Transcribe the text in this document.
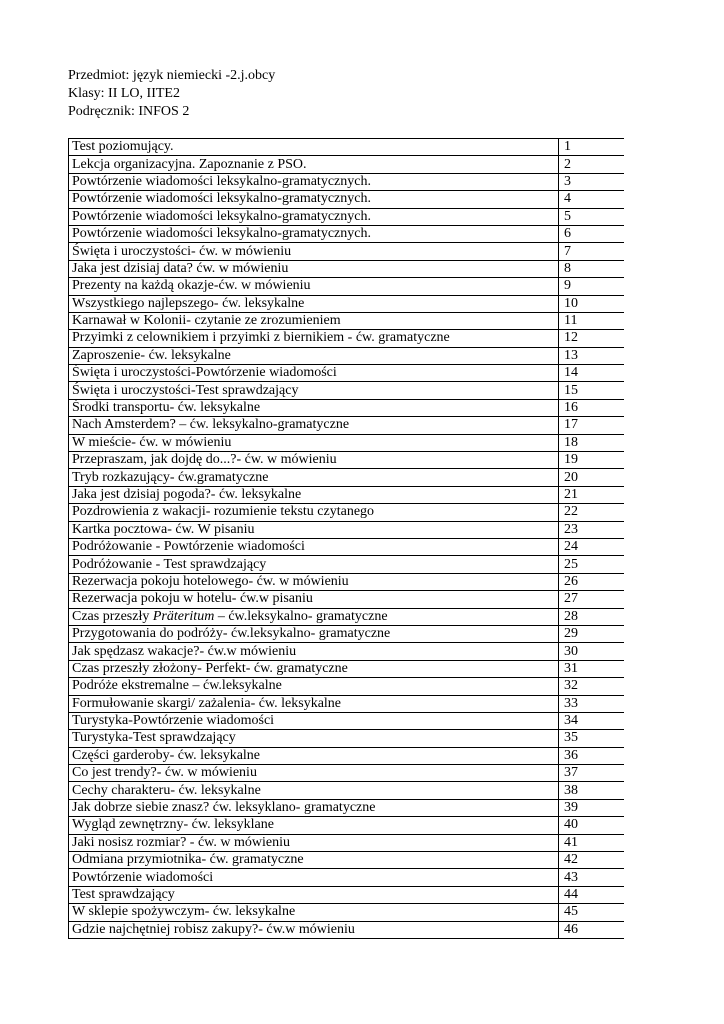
Przedmiot: język niemiecki -2.j.obcy
Klasy: II LO, IITE2
Podręcznik: INFOS 2
Test poziomujący.	1
Lekcja organizacyjna. Zapoznanie z PSO.	2
Powtórzenie wiadomości leksykalno-gramatycznych.	3
Powtórzenie wiadomości leksykalno-gramatycznych.	4
Powtórzenie wiadomości leksykalno-gramatycznych.	5
Powtórzenie wiadomości leksykalno-gramatycznych.	6
Święta i uroczystości- ćw. w mówieniu	7
Jaka jest dzisiaj data? ćw. w mówieniu	8
Prezenty na każdą okazje-ćw. w mówieniu	9
Wszystkiego najlepszego- ćw. leksykalne	10
Karnawał w Kolonii- czytanie ze zrozumieniem	11
Przyimki z celownikiem i przyimki z biernikiem - ćw. gramatyczne	12
Zaproszenie- ćw. leksykalne	13
Święta i uroczystości-Powtórzenie wiadomości	14
Święta i uroczystości-Test sprawdzający	15
Środki transportu- ćw. leksykalne	16
Nach Amsterdem? – ćw. leksykalno-gramatyczne	17
W mieście- ćw. w mówieniu	18
Przepraszam, jak dojdę do...?- ćw. w mówieniu	19
Tryb rozkazujący- ćw.gramatyczne	20
Jaka jest dzisiaj pogoda?- ćw. leksykalne	21
Pozdrowienia z wakacji- rozumienie tekstu czytanego	22
Kartka pocztowa- ćw. W pisaniu	23
Podróżowanie - Powtórzenie wiadomości	24
Podróżowanie - Test sprawdzający	25
Rezerwacja pokoju hotelowego- ćw. w mówieniu	26
Rezerwacja pokoju w hotelu- ćw.w pisaniu	27
Czas przeszły Präteritum – ćw.leksykalno- gramatyczne	28
Przygotowania do podróży- ćw.leksykalno- gramatyczne	29
Jak spędzasz wakacje?- ćw.w mówieniu	30
Czas przeszły złożony- Perfekt- ćw. gramatyczne	31
Podróże ekstremalne – ćw.leksykalne	32
Formułowanie skargi/ zażalenia- ćw. leksykalne	33
Turystyka-Powtórzenie wiadomości	34
Turystyka-Test sprawdzający	35
Części garderoby- ćw. leksykalne	36
Co jest trendy?- ćw. w mówieniu	37
Cechy charakteru- ćw. leksykalne	38
Jak dobrze siebie znasz? ćw. leksyklano- gramatyczne	39
Wygląd zewnętrzny- ćw. leksyklane	40
Jaki nosisz rozmiar? - ćw. w mówieniu	41
Odmiana przymiotnika- ćw. gramatyczne	42
Powtórzenie wiadomości	43
Test sprawdzający	44
W sklepie spożywczym- ćw. leksykalne	45
Gdzie najchętniej robisz zakupy?- ćw.w mówieniu	46
